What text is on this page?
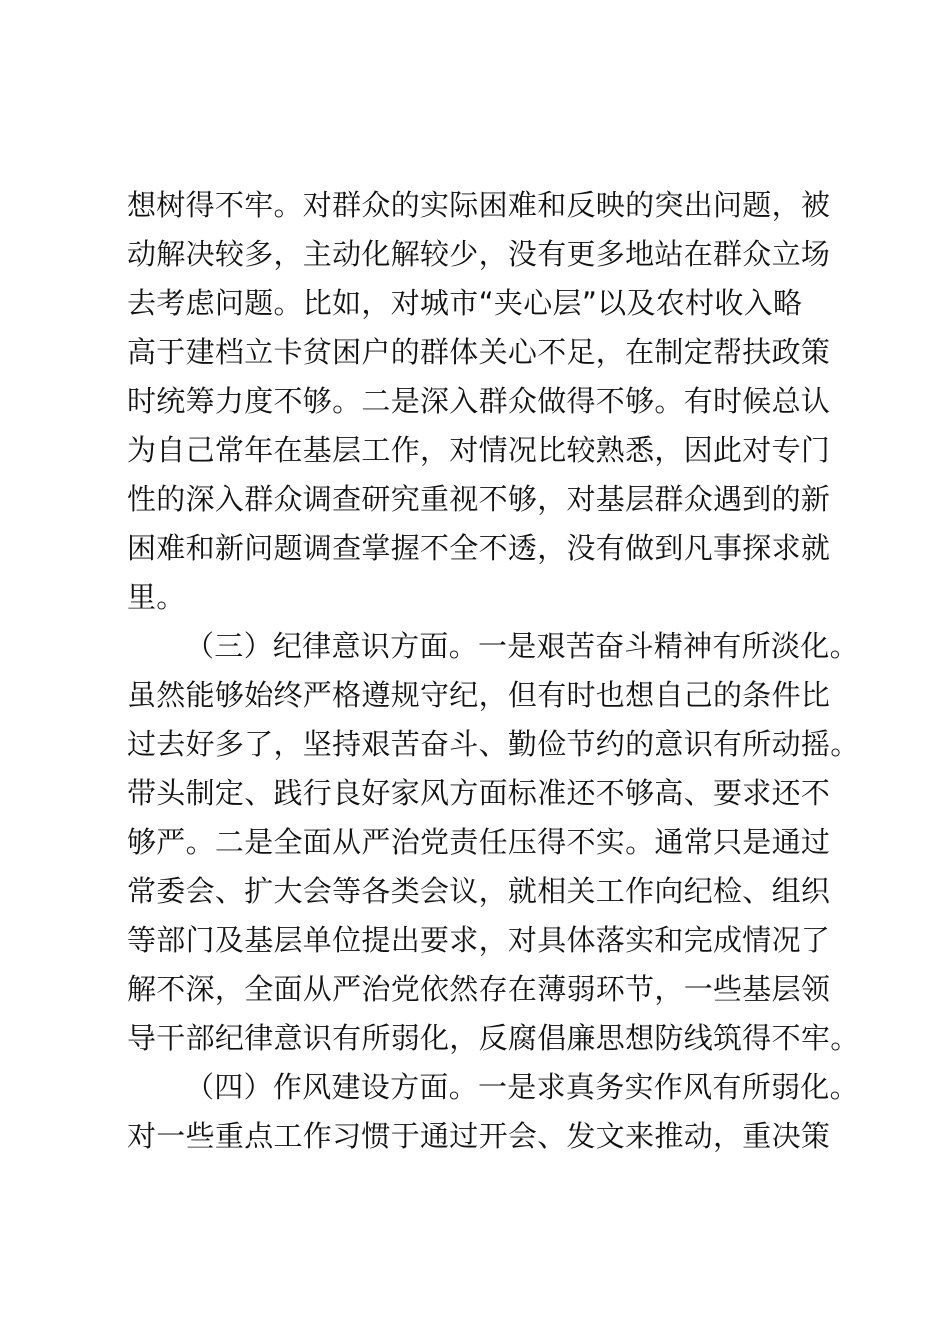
想树得不牢。对群众的实际困难和反映的突出问题，被
动解决较多，主动化解较少，没有更多地站在群众立场
去考虑问题。比如，对城市“夹心层”以及农村收入略
高于建档立卡贫困户的群体关心不足，在制定帮扶政策
时统筹力度不够。二是深入群众做得不够。有时候总认
为自己常年在基层工作，对情况比较熟悉，因此对专门
性的深入群众调查研究重视不够，对基层群众遇到的新
困难和新问题调查掌握不全不透，没有做到凡事探求就
里。
（三）纪律意识方面。一是艰苦奋斗精神有所淡化。
虽然能够始终严格遵规守纪，但有时也想自己的条件比
过去好多了，坚持艰苦奋斗、勤俭节约的意识有所动摇。
带头制定、践行良好家风方面标准还不够高、要求还不
够严。二是全面从严治党责任压得不实。通常只是通过
常委会、扩大会等各类会议，就相关工作向纪检、组织
等部门及基层单位提出要求，对具体落实和完成情况了
解不深，全面从严治党依然存在薄弱环节，一些基层领
导干部纪律意识有所弱化，反腐倡廉思想防线筑得不牢。
（四）作风建设方面。一是求真务实作风有所弱化。
对一些重点工作习惯于通过开会、发文来推动，重决策
